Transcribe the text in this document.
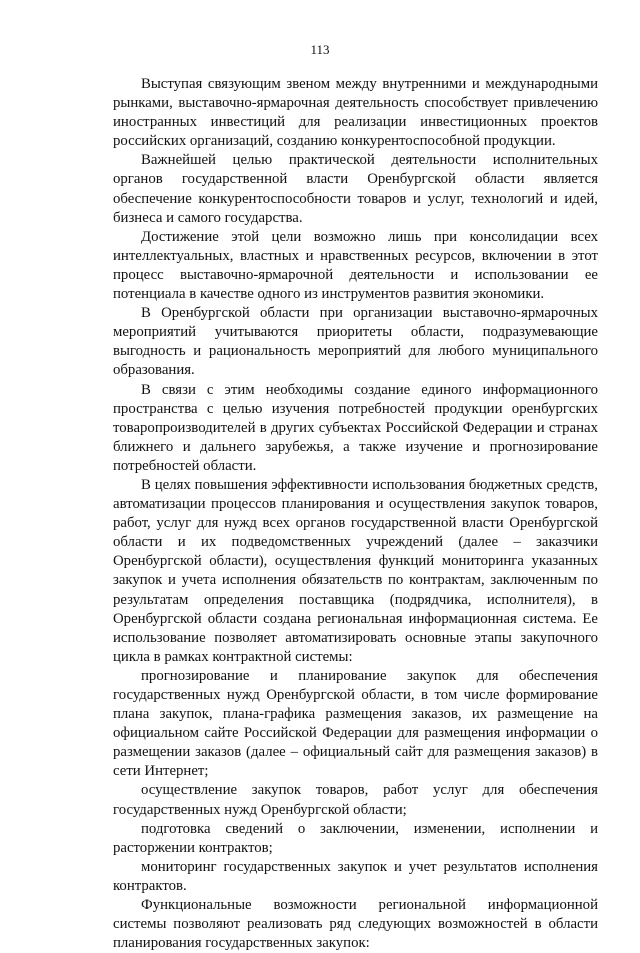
113

Выступая связующим звеном между внутренними и международными рынками, выставочно-ярмарочная деятельность способствует привлечению иностранных инвестиций для реализации инвестиционных проектов российских организаций, созданию конкурентоспособной продукции.

Важнейшей целью практической деятельности исполнительных органов государственной власти Оренбургской области является обеспечение конкурентоспособности товаров и услуг, технологий и идей, бизнеса и самого государства.

Достижение этой цели возможно лишь при консолидации всех интеллектуальных, властных и нравственных ресурсов, включении в этот процесс выставочно-ярмарочной деятельности и использовании ее потенциала в качестве одного из инструментов развития экономики.

В Оренбургской области при организации выставочно-ярмарочных мероприятий учитываются приоритеты области, подразумевающие выгодность и рациональность мероприятий для любого муниципального образования.

В связи с этим необходимы создание единого информационного пространства с целью изучения потребностей продукции оренбургских товаропроизводителей в других субъектах Российской Федерации и странах ближнего и дальнего зарубежья, а также изучение и прогнозирование потребностей области.

В целях повышения эффективности использования бюджетных средств, автоматизации процессов планирования и осуществления закупок товаров, работ, услуг для нужд всех органов государственной власти Оренбургской области и их подведомственных учреждений (далее – заказчики Оренбургской области), осуществления функций мониторинга указанных закупок и учета исполнения обязательств по контрактам, заключенным по результатам определения поставщика (подрядчика, исполнителя), в Оренбургской области создана региональная информационная система. Ее использование позволяет автоматизировать основные этапы закупочного цикла в рамках контрактной системы:

прогнозирование и планирование закупок для обеспечения государственных нужд Оренбургской области, в том числе формирование плана закупок, плана-графика размещения заказов, их размещение на официальном сайте Российской Федерации для размещения информации о размещении заказов (далее – официальный сайт для размещения заказов) в сети Интернет;

осуществление закупок товаров, работ услуг для обеспечения государственных нужд Оренбургской области;

подготовка сведений о заключении, изменении, исполнении и расторжении контрактов;

мониторинг государственных закупок и учет результатов исполнения контрактов.

Функциональные возможности региональной информационной системы позволяют реализовать ряд следующих возможностей в области планирования государственных закупок:
